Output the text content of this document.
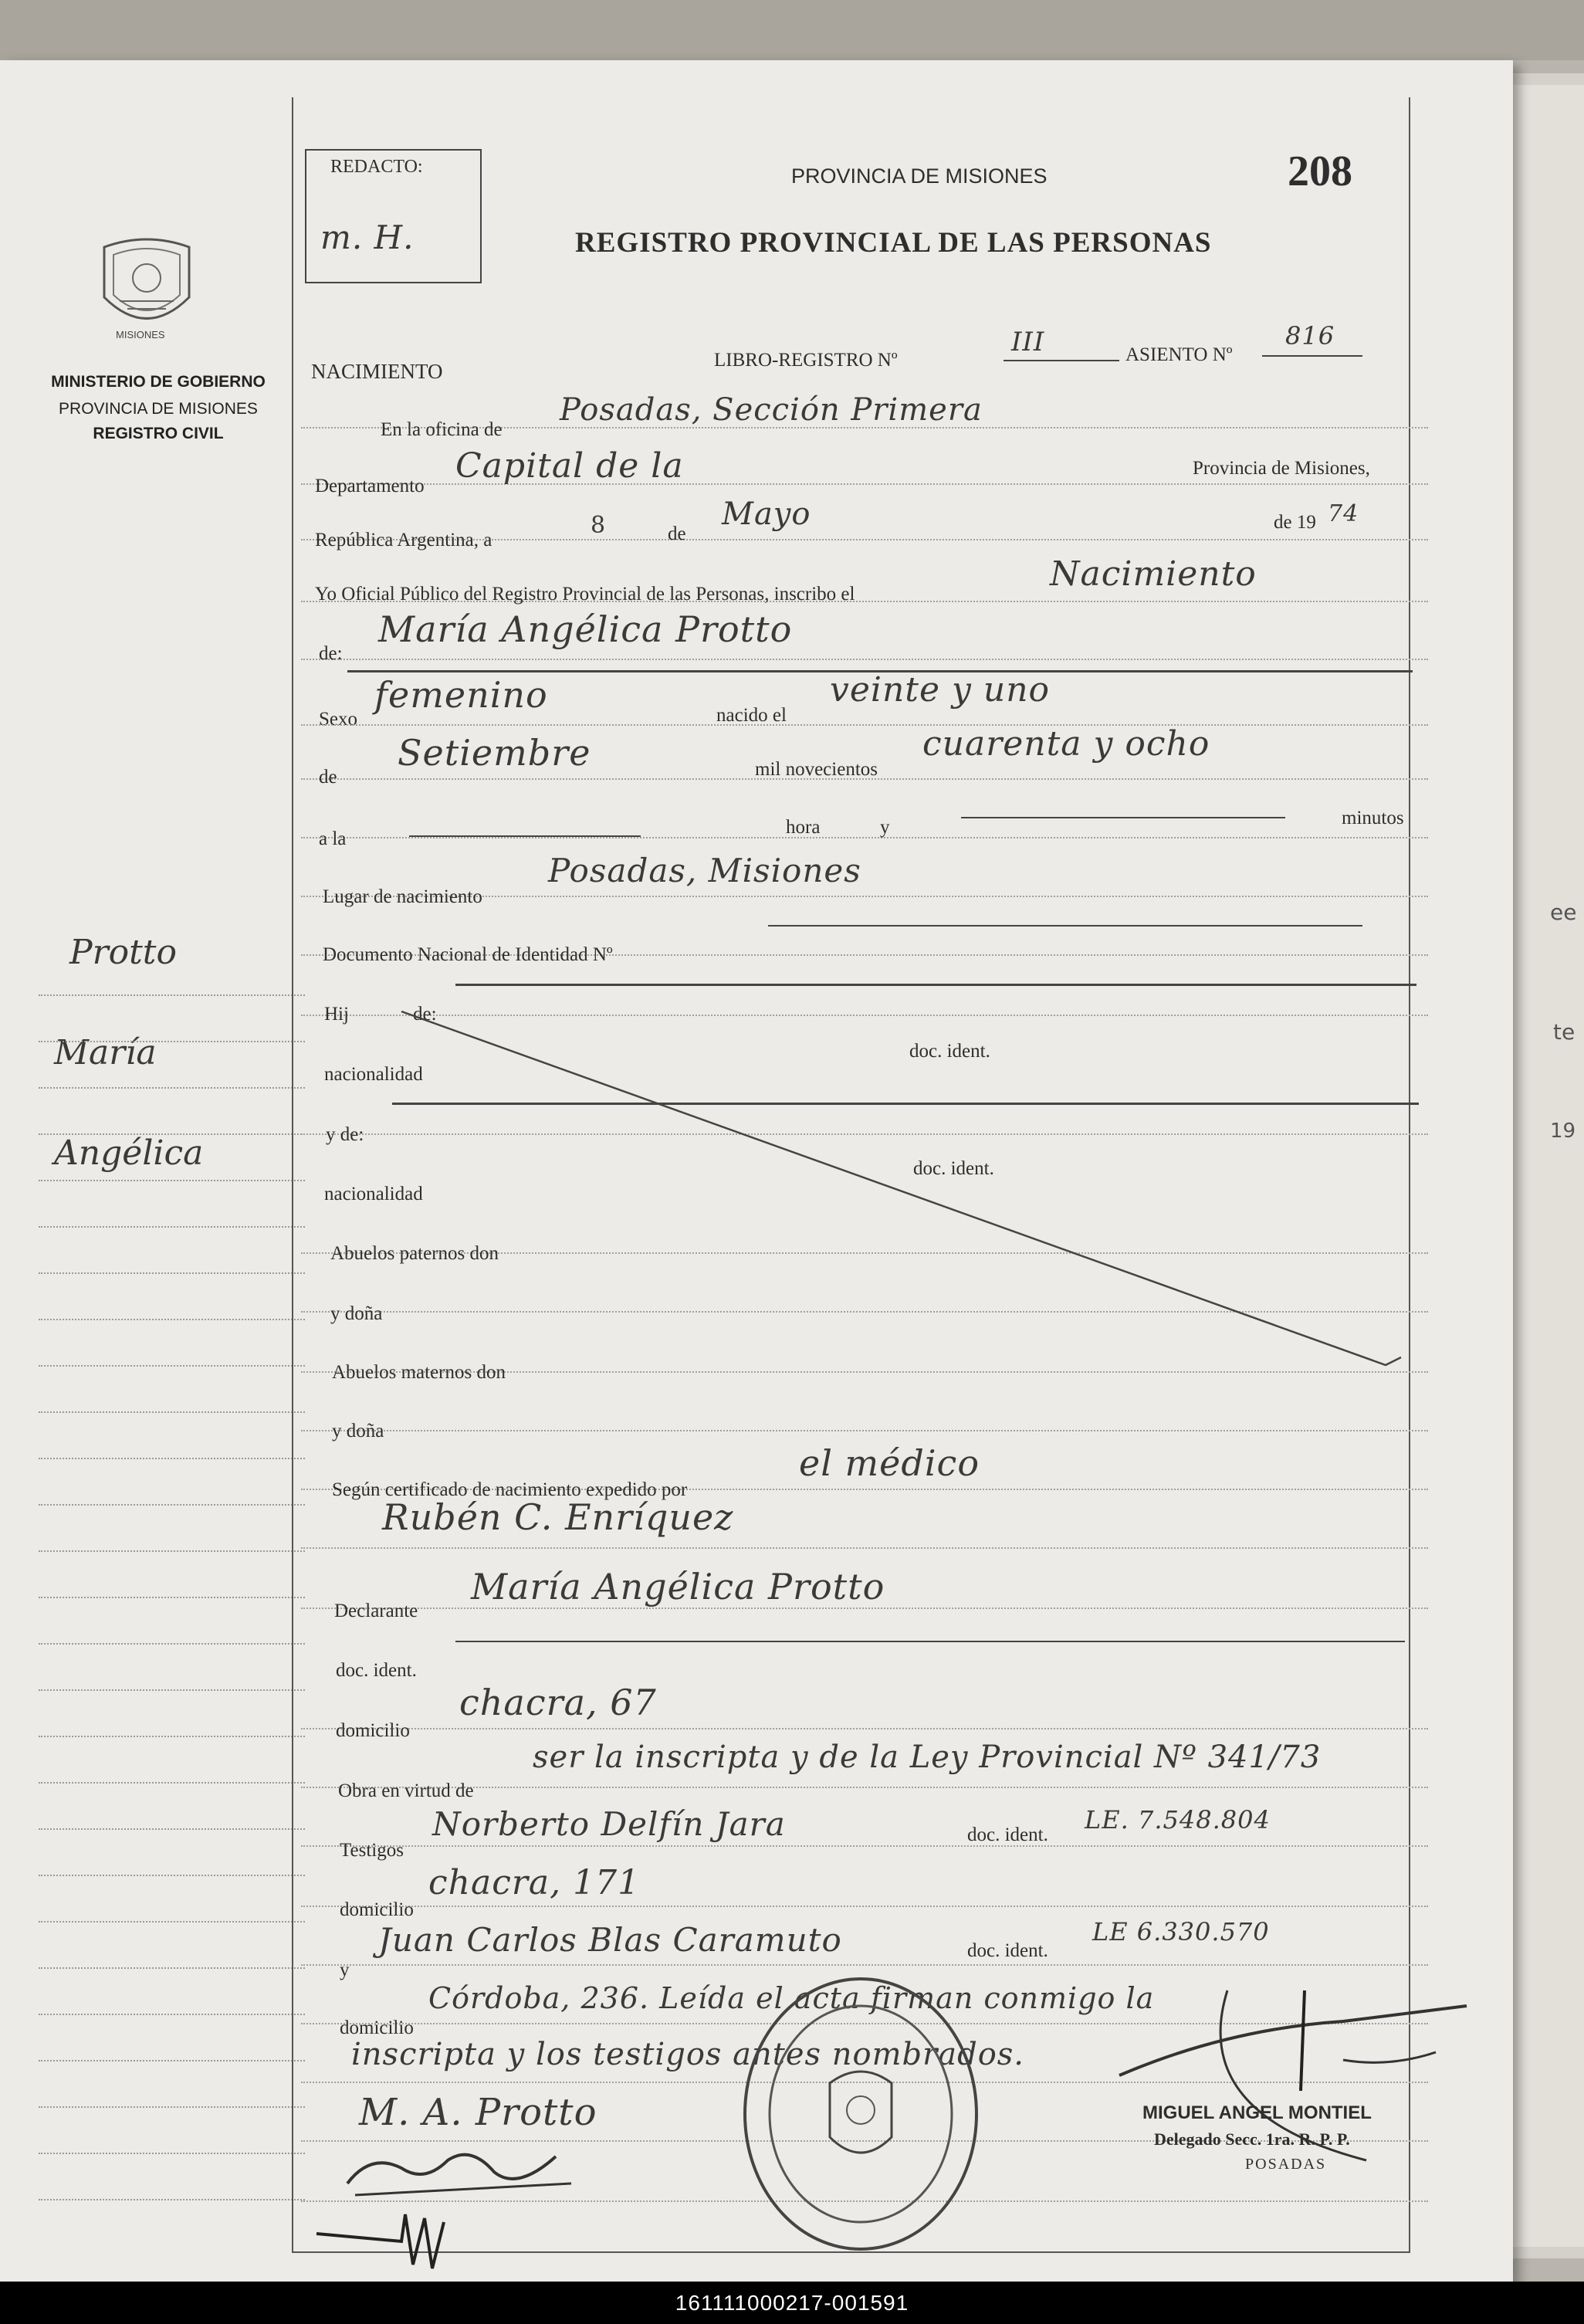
MISIONES
MINISTERIO DE GOBIERNO
PROVINCIA DE MISIONES
REGISTRO CIVIL
Protto
María
Angélica
REDACTO:
m. H.
PROVINCIA DE MISIONES	208
REGISTRO PROVINCIAL DE LAS PERSONAS
NACIMIENTO	LIBRO-REGISTRO Nº
III	ASIENTO Nº
816
En la oficina de
Posadas, Sección Primera
Departamento
Capital de la	Provincia de Misiones,
República Argentina, a
8	de
Mayo	de 19 74
Yo Oficial Público del Registro Provincial de las Personas, inscribo el
Nacimiento
de:
María Angélica Protto
Sexo
femenino	nacido el
veinte y uno
de
Setiembre	mil novecientos
cuarenta y ocho
a la
hora	y	minutos
Lugar de nacimiento
Posadas, Misiones
Documento Nacional de Identidad Nº
Hij	de:
nacionalidad
doc. ident.
y de:
nacionalidad
doc. ident.
Abuelos paternos don
y doña
Abuelos maternos don
y doña
Según certificado de nacimiento expedido por
el médico
Rubén C. Enríquez
Declarante
María Angélica Protto
doc. ident.
domicilio
chacra, 67
Obra en virtud de
ser la inscripta y de la Ley Provincial Nº 341/73
Testigos
Norberto Delfín Jara	doc. ident.
LE. 7.548.804
domicilio
chacra, 171
y
Juan Carlos Blas Caramuto	doc. ident.
LE 6.330.570
domicilio
Córdoba, 236. Leída el acta firman conmigo la
inscripta y los testigos antes nombrados.
M. A. Protto	MIGUEL ANGEL MONTIEL
Delegado Secc. 1ra. R. P. P.
POSADAS
ee
te
19
161111000217-001591
